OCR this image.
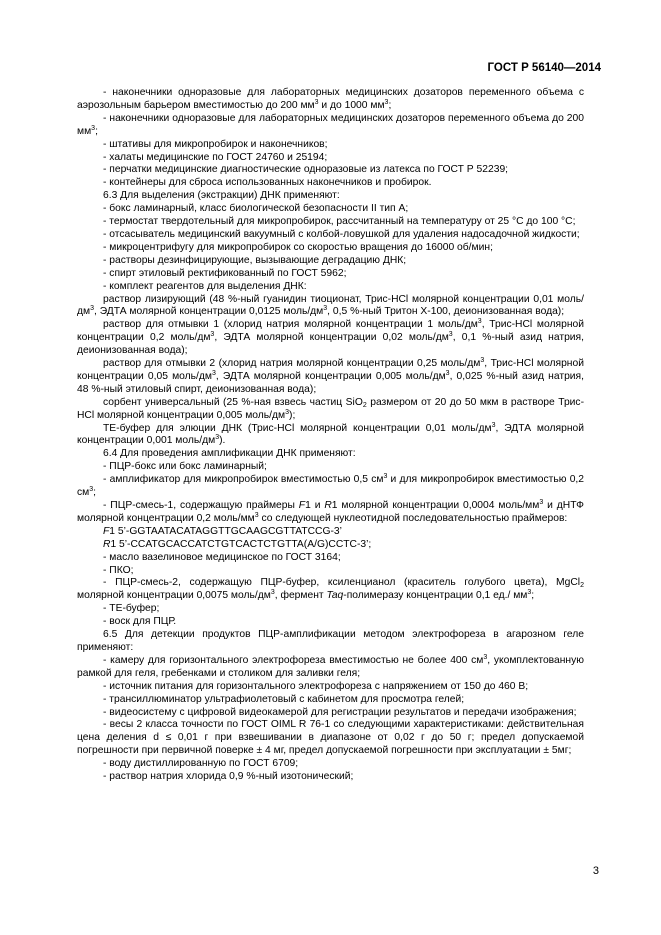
ГОСТ Р 56140—2014

- наконечники одноразовые для лабораторных медицинских дозаторов переменного объема с аэрозольным барьером вместимостью до 200 $мм^3$ и до 1000 $мм^3$;

- наконечники одноразовые для лабораторных медицинских дозаторов переменного объема до 200 $мм^3$;

- штативы для микропробирок и наконечников;

- халаты медицинские по ГОСТ 24760 и 25194;

- перчатки медицинские диагностические одноразовые из латекса по ГОСТ Р 52239;

- контейнеры для сброса использованных наконечников и пробирок.

6.3 Для выделения (экстракции) ДНК применяют:

- бокс ламинарный, класс биологической безопасности II тип А;

- термостат твердотельный для микропробирок, рассчитанный на температуру от 25 °С до 100 °С;

- отсасыватель медицинский вакуумный с колбой-ловушкой для удаления надосадочной жидкости;

- микроцентрифугу для микропробирок со скоростью вращения до 16000 об/мин;

- растворы дезинфицирующие, вызывающие деградацию ДНК;

- спирт этиловый ректификованный по ГОСТ 5962;

- комплект реагентов для выделения ДНК:

раствор лизирующий (48 %-ный гуанидин тиоционат, Трис-HCl молярной концентрации 0,01 моль/$дм^3$, ЭДТА молярной концентрации 0,0125 моль/$дм^3$, 0,5 %-ный Тритон Х-100, деионизованная вода);

раствор для отмывки 1 (хлорид натрия молярной концентрации 1 моль/$дм^3$, Трис-HCl молярной концентрации 0,2 моль/$дм^3$, ЭДТА молярной концентрации 0,02 моль/$дм^3$, 0,1 %-ный азид натрия, деионизованная вода);

раствор для отмывки 2 (хлорид натрия молярной концентрации 0,25 моль/$дм^3$, Трис-HCl молярной концентрации 0,05 моль/$дм^3$, ЭДТА молярной концентрации 0,005 моль/$дм^3$, 0,025 %-ный азид натрия, 48 %-ный этиловый спирт, деионизованная вода);

сорбент универсальный (25 %-ная взвесь частиц SiO$_2$ размером от 20 до 50 мкм в растворе Трис-HCl молярной концентрации 0,005 моль/$дм^3$);

ТЕ-буфер для элюции ДНК (Трис-HCl молярной концентрации 0,01 моль/$дм^3$, ЭДТА молярной концентрации 0,001 моль/$дм^3$).

6.4 Для проведения амплификации ДНК применяют:

- ПЦР-бокс или бокс ламинарный;

- амплификатор для микропробирок вместимостью 0,5 $см^3$ и для микропробирок вместимостью 0,2 $см^3$;

- ПЦР-смесь-1, содержащую праймеры F1 и R1 молярной концентрации 0,0004 моль/$мм^3$ и дНТФ молярной концентрации 0,2 моль/$мм^3$ со следующей нуклеотидной последовательностью праймеров:

F1 5’-GGTAATACATAGGTTGCAAGCGTTATCCG-3’

R1 5’-CCATGCACCATCTGTCACTCTGTTA(A/G)CCTC-3’;

- масло вазелиновое медицинское по ГОСТ 3164;

- ПКО;

- ПЦР-смесь-2, содержащую ПЦР-буфер, ксиленцианол (краситель голубого цвета), MgCl$_2$ молярной концентрации 0,0075 моль/$дм^3$, фермент Taq-полимеразу концентрации 0,1 ед./ $мм^3$;

- ТЕ-буфер;

- воск для ПЦР.

6.5 Для детекции продуктов ПЦР-амплификации методом электрофореза в агарозном геле применяют:

- камеру для горизонтального электрофореза вместимостью не более 400 $см^3$, укомплектованную рамкой для геля, гребенками и столиком для заливки геля;

- источник питания для горизонтального электрофореза с напряжением от 150 до 460 В;

- трансиллюминатор ультрафиолетовый с кабинетом для просмотра гелей;

- видеосистему с цифровой видеокамерой для регистрации результатов и передачи изображения;

- весы 2 класса точности по ГОСТ OIML R 76-1 со следующими характеристиками: действительная цена деления d ≤ 0,01 г при взвешивании в диапазоне от 0,02 г до 50 г; предел допускаемой погрешности при первичной поверке ± 4 мг, предел допускаемой погрешности при эксплуатации ± 5мг;

- воду дистиллированную по ГОСТ 6709;

- раствор натрия хлорида 0,9 %-ный изотонический;

3
